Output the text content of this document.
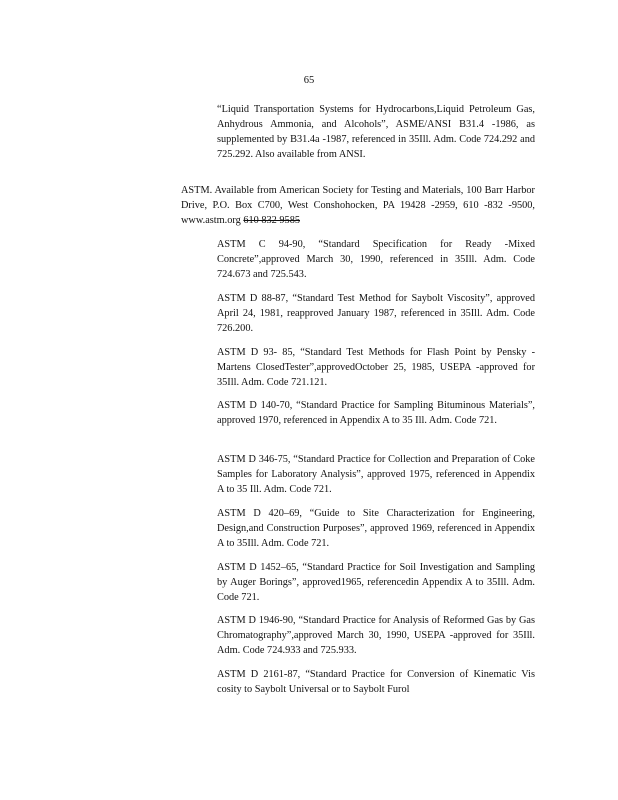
65

“Liquid Transportation Systems for Hydrocarbons,Liquid Petroleum Gas, Anhydrous Ammonia, and Alcohols”, ASME/ANSI B31.4 -1986, as supplemented by B31.4a -1987, referenced in 35Ill. Adm. Code 724.292 and 725.292. Also available from ANSI.

ASTM. Available from American Society for Testing and Materials, 100 Barr Harbor Drive, P.O. Box C700, West Conshohocken, PA 19428 -2959, 610 -832 -9500, www.astm.org 610 832 9585

ASTM C 94-90, “Standard Specification for Ready -Mixed Concrete”,approved March 30, 1990, referenced in 35Ill. Adm. Code 724.673 and 725.543.

ASTM D 88-87, “Standard Test Method for Saybolt Viscosity”, approved April 24, 1981, reapproved January 1987, referenced in 35Ill. Adm. Code 726.200.

ASTM D 93- 85, “Standard Test Methods for Flash Point by Pensky -Martens ClosedTester”,approvedOctober 25, 1985, USEPA -approved for 35Ill. Adm. Code 721.121.

ASTM D 140-70, “Standard Practice for Sampling Bituminous Materials”, approved 1970, referenced in Appendix A to 35 Ill. Adm. Code 721.

ASTM D 346-75, “Standard Practice for Collection and Preparation of Coke Samples for Laboratory Analysis”, approved 1975, referenced in Appendix A to 35 Ill. Adm. Code 721.

ASTM D 420–69, “Guide to Site Characterization for Engineering, Design,and Construction Purposes”, approved 1969, referenced in Appendix A to 35Ill. Adm. Code 721.

ASTM D 1452–65, “Standard Practice for Soil Investigation and Sampling by Auger Borings”, approved1965, referencedin Appendix A to 35Ill. Adm. Code 721.

ASTM D 1946-90, “Standard Practice for Analysis of Reformed Gas by Gas Chromatography”,approved March 30, 1990, USEPA -approved for 35Ill. Adm. Code 724.933 and 725.933.

ASTM D 2161-87, “Standard Practice for Conversion of Kinematic Vis cosity to Saybolt Universal or to Saybolt Furol
